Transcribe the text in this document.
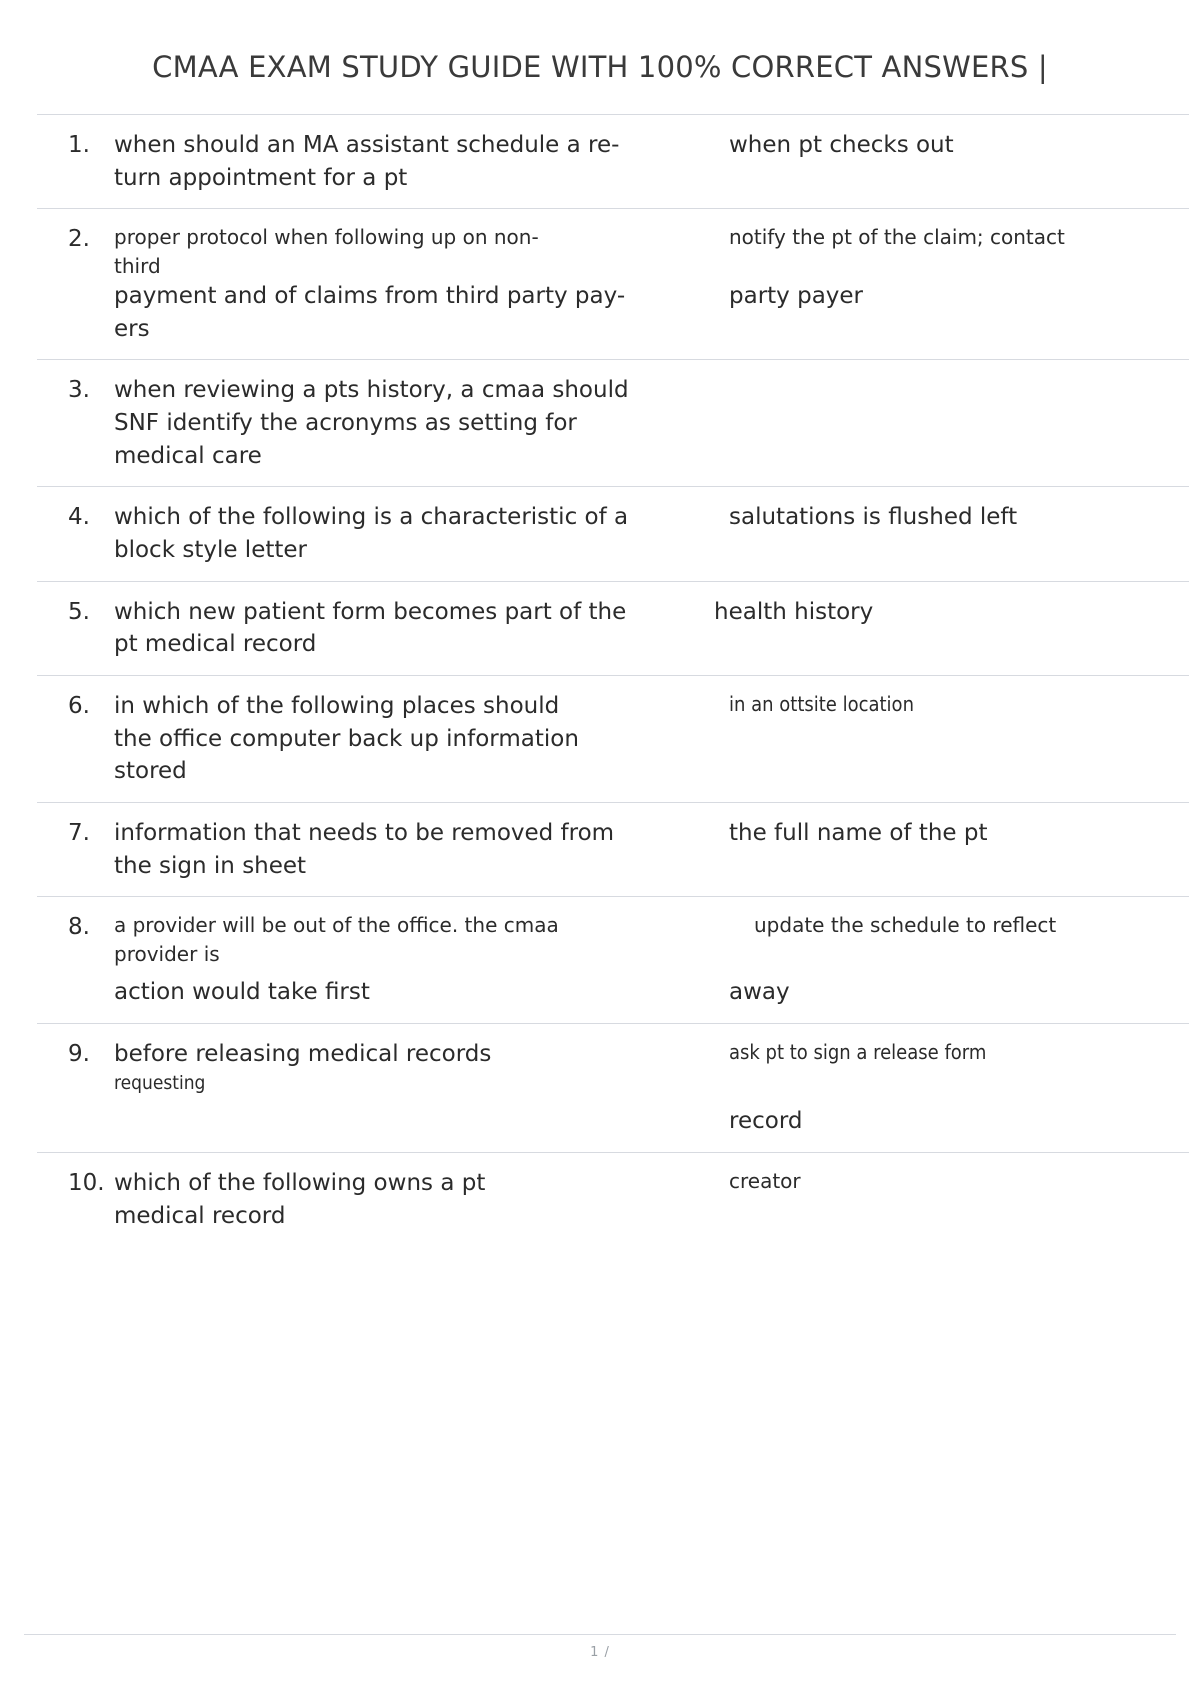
CMAA EXAM STUDY GUIDE WITH 100% CORRECT ANSWERS |
1.	when should an MA assistant schedule a re-	when pt checks out
turn appointment for a pt
2.	proper protocol when following up on non-	notify the pt of the claim; contact
third
payment and of claims from third party pay-	party payer
ers
3.	when reviewing a pts history, a cmaa should
SNF identify the acronyms as setting for
medical care
4.	which of the following is a characteristic of a	salutations is flushed left
block style letter
5.	which new patient form becomes part of the	health history
pt medical record
6.	in which of the following places should	in an ottsite location
the office computer back up information
stored
7.	information that needs to be removed from	the full name of the pt
the sign in sheet
8.	a provider will be out of the office. the cmaa	update the schedule to reflect
provider is
action would take first	away
9.	before releasing medical records	ask pt to sign a release form
requesting
record
10. which of the following owns a pt	creator
medical record
1 /
